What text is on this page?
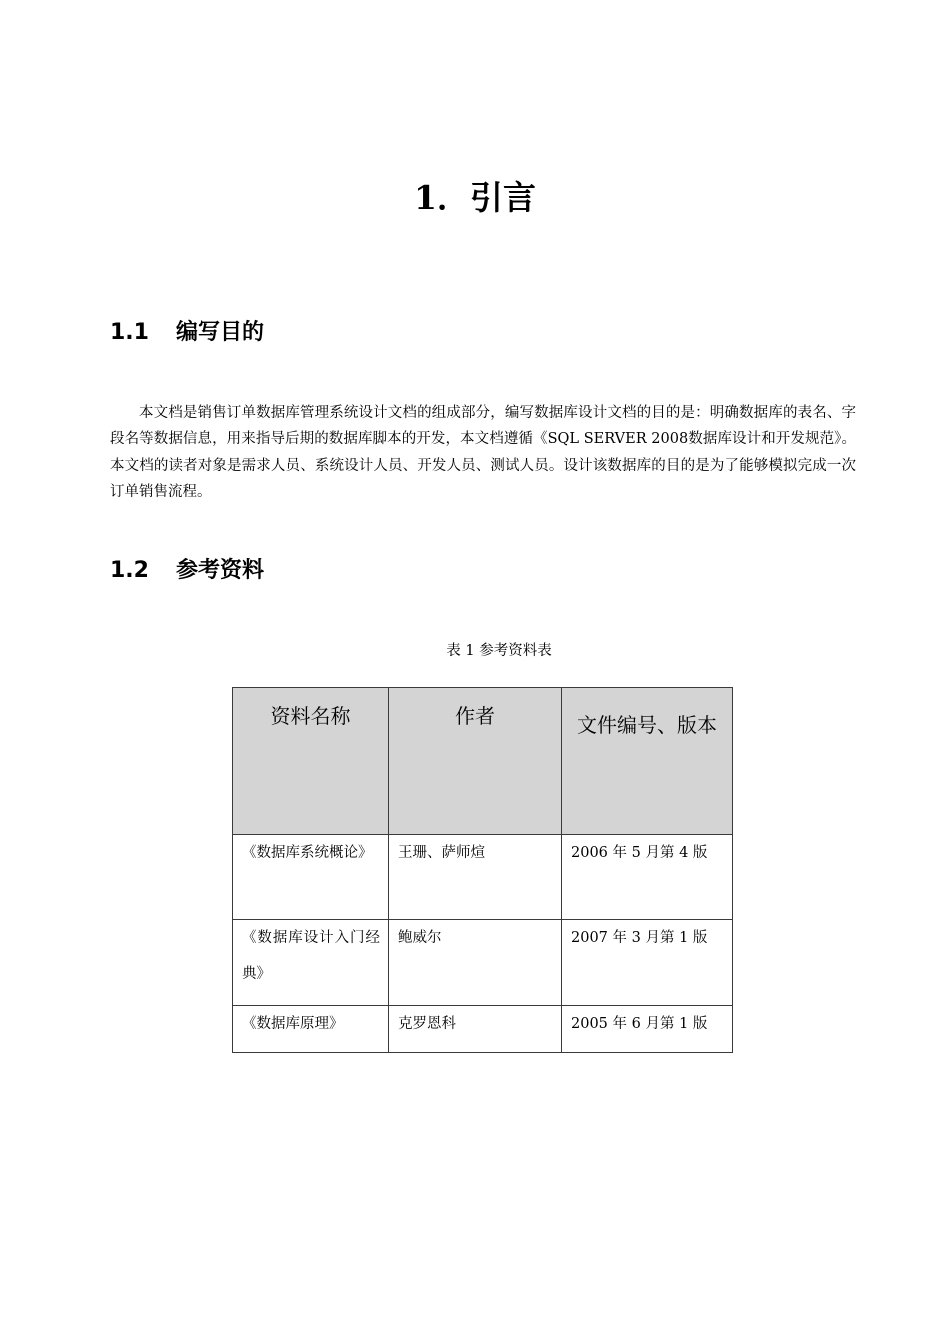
1．引言
1.1 编写目的

本文档是销售订单数据库管理系统设计文档的组成部分，编写数据库设计文档的目的是：明确数据库的表名、字段名等数据信息，用来指导后期的数据库脚本的开发，本文档遵循《SQL SERVER 2008数据库设计和开发规范》。本文档的读者对象是需求人员、系统设计人员、开发人员、测试人员。设计该数据库的目的是为了能够模拟完成一次订单销售流程。

1.2 参考资料

表 1 参考资料表

资料名称	作者	文件编号、版本
《数据库系统概论》	王珊、萨师煊	2006 年 5 月第 4 版
《数据库设计入门经典》	鲍威尔	2007 年 3 月第 1 版
《数据库原理》	克罗恩科	2005 年 6 月第 1 版
